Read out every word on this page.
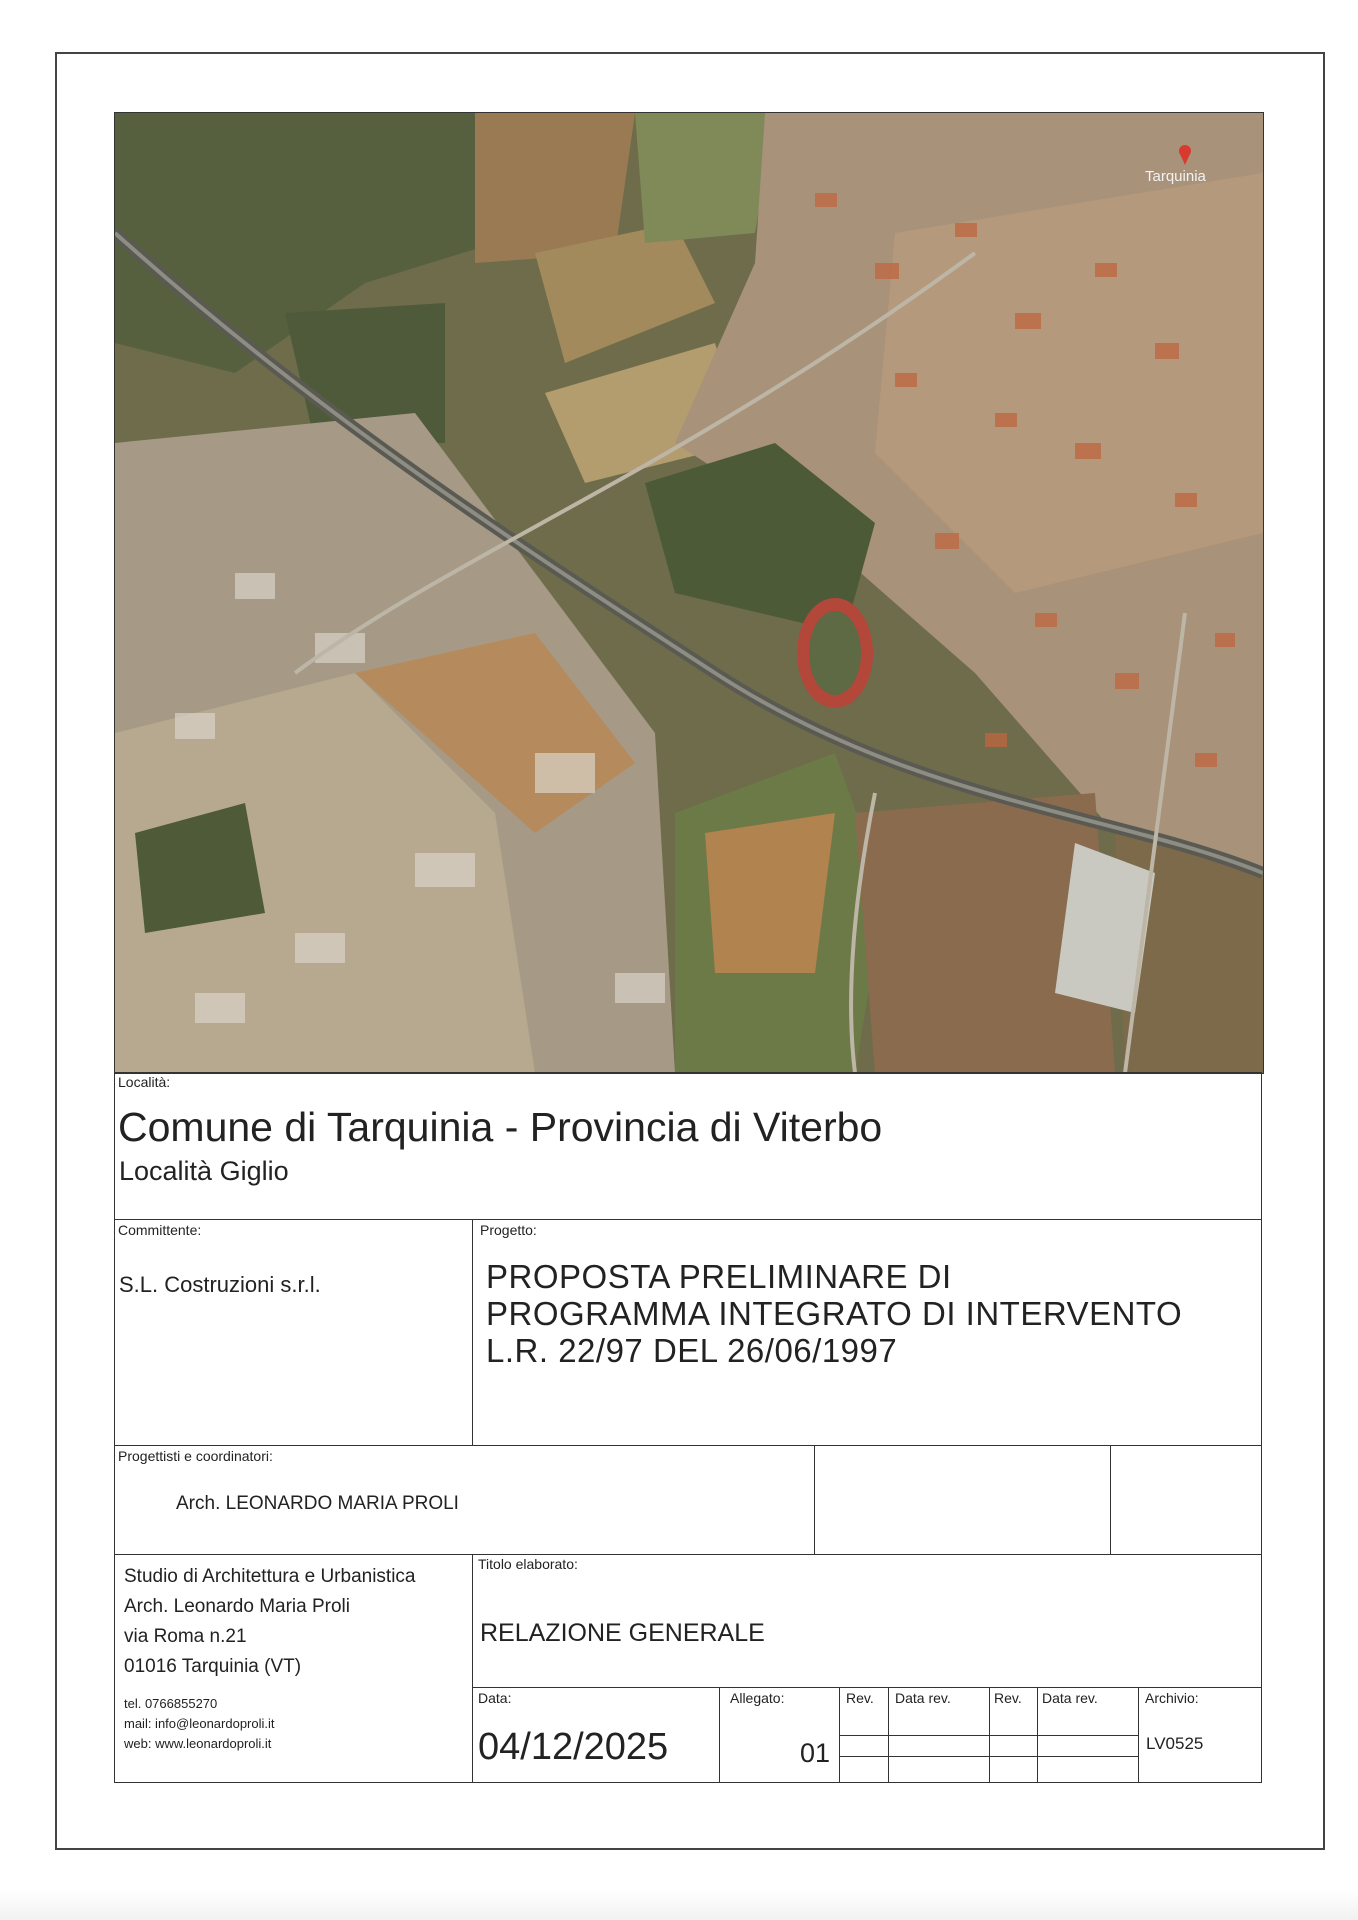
Tarquinia
Località:
Comune di Tarquinia - Provincia di Viterbo
Località Giglio
Committente:
S.L. Costruzioni s.r.l.
Progetto:
PROPOSTA PRELIMINARE DI
PROGRAMMA INTEGRATO DI INTERVENTO
L.R. 22/97 DEL 26/06/1997
Progettisti e coordinatori:
Arch. LEONARDO MARIA PROLI
Studio di Architettura e Urbanistica
Arch. Leonardo Maria Proli
via Roma n.21
01016 Tarquinia (VT)
tel. 0766855270
mail: info@leonardoproli.it
web: www.leonardoproli.it
Titolo elaborato:
RELAZIONE GENERALE
Data:
04/12/2025
Allegato:
01
Rev. Data rev.	Rev. Data rev.	Archivio:
LV0525
